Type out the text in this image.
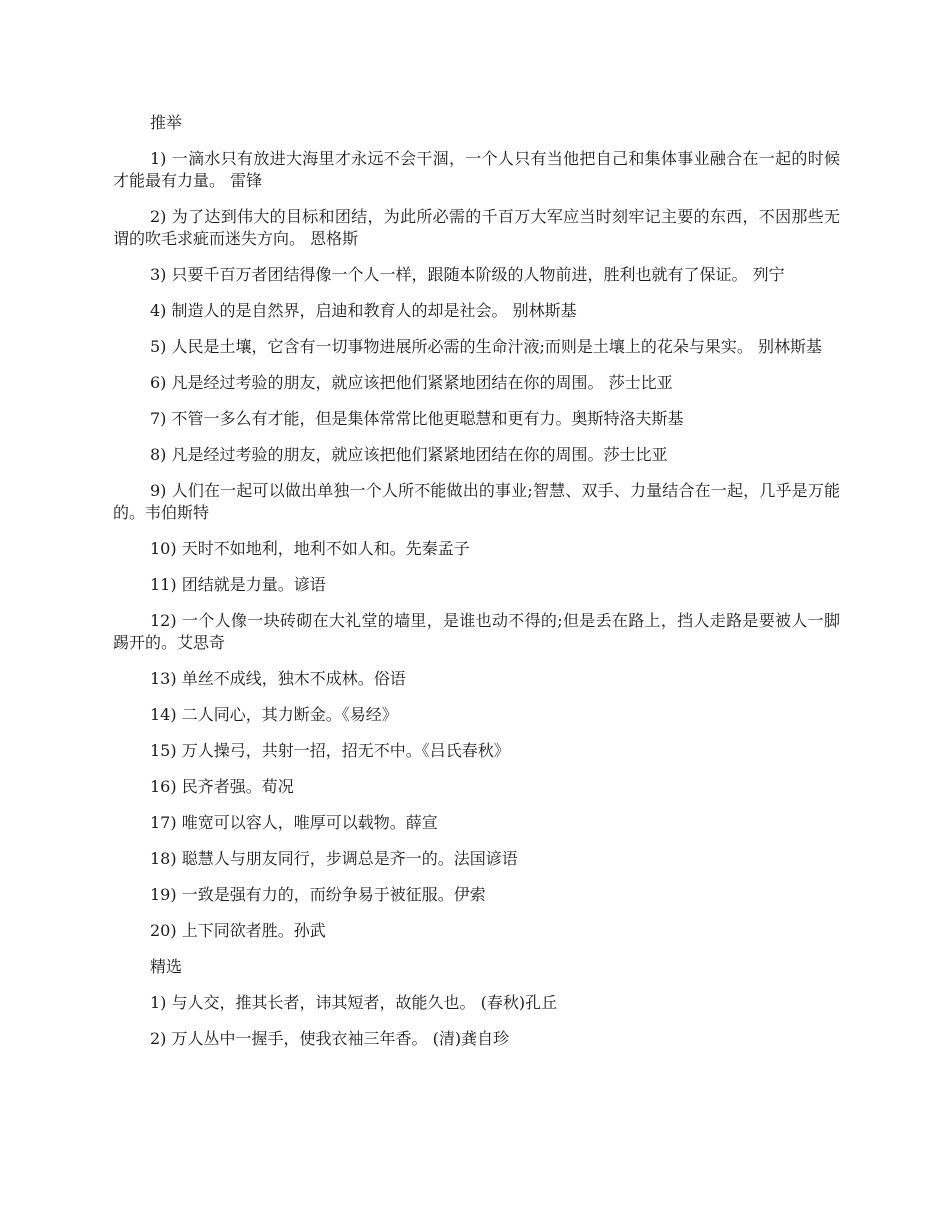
推举

1) 一滴水只有放进大海里才永远不会干涸，一个人只有当他把自己和集体事业融合在一起的时候才能最有力量。 雷锋

2) 为了达到伟大的目标和团结，为此所必需的千百万大军应当时刻牢记主要的东西，不因那些无谓的吹毛求疵而迷失方向。 恩格斯

3) 只要千百万者团结得像一个人一样，跟随本阶级的人物前进，胜利也就有了保证。 列宁

4) 制造人的是自然界，启迪和教育人的却是社会。 别林斯基

5) 人民是土壤，它含有一切事物进展所必需的生命汁液;而则是土壤上的花朵与果实。 别林斯基

6) 凡是经过考验的朋友，就应该把他们紧紧地团结在你的周围。 莎士比亚

7) 不管一多么有才能，但是集体常常比他更聪慧和更有力。奥斯特洛夫斯基

8) 凡是经过考验的朋友，就应该把他们紧紧地团结在你的周围。莎士比亚

9) 人们在一起可以做出单独一个人所不能做出的事业;智慧、双手、力量结合在一起，几乎是万能的。韦伯斯特

10) 天时不如地利，地利不如人和。先秦孟子

11) 团结就是力量。谚语

12) 一个人像一块砖砌在大礼堂的墙里，是谁也动不得的;但是丢在路上，挡人走路是要被人一脚踢开的。艾思奇

13) 单丝不成线，独木不成林。俗语

14) 二人同心，其力断金。《易经》

15) 万人操弓，共射一招，招无不中。《吕氏春秋》

16) 民齐者强。荀况

17) 唯宽可以容人，唯厚可以载物。薛宣

18) 聪慧人与朋友同行，步调总是齐一的。法国谚语

19) 一致是强有力的，而纷争易于被征服。伊索

20) 上下同欲者胜。孙武

精选

1) 与人交，推其长者，讳其短者，故能久也。 (春秋)孔丘

2) 万人丛中一握手，使我衣袖三年香。 (清)龚自珍
